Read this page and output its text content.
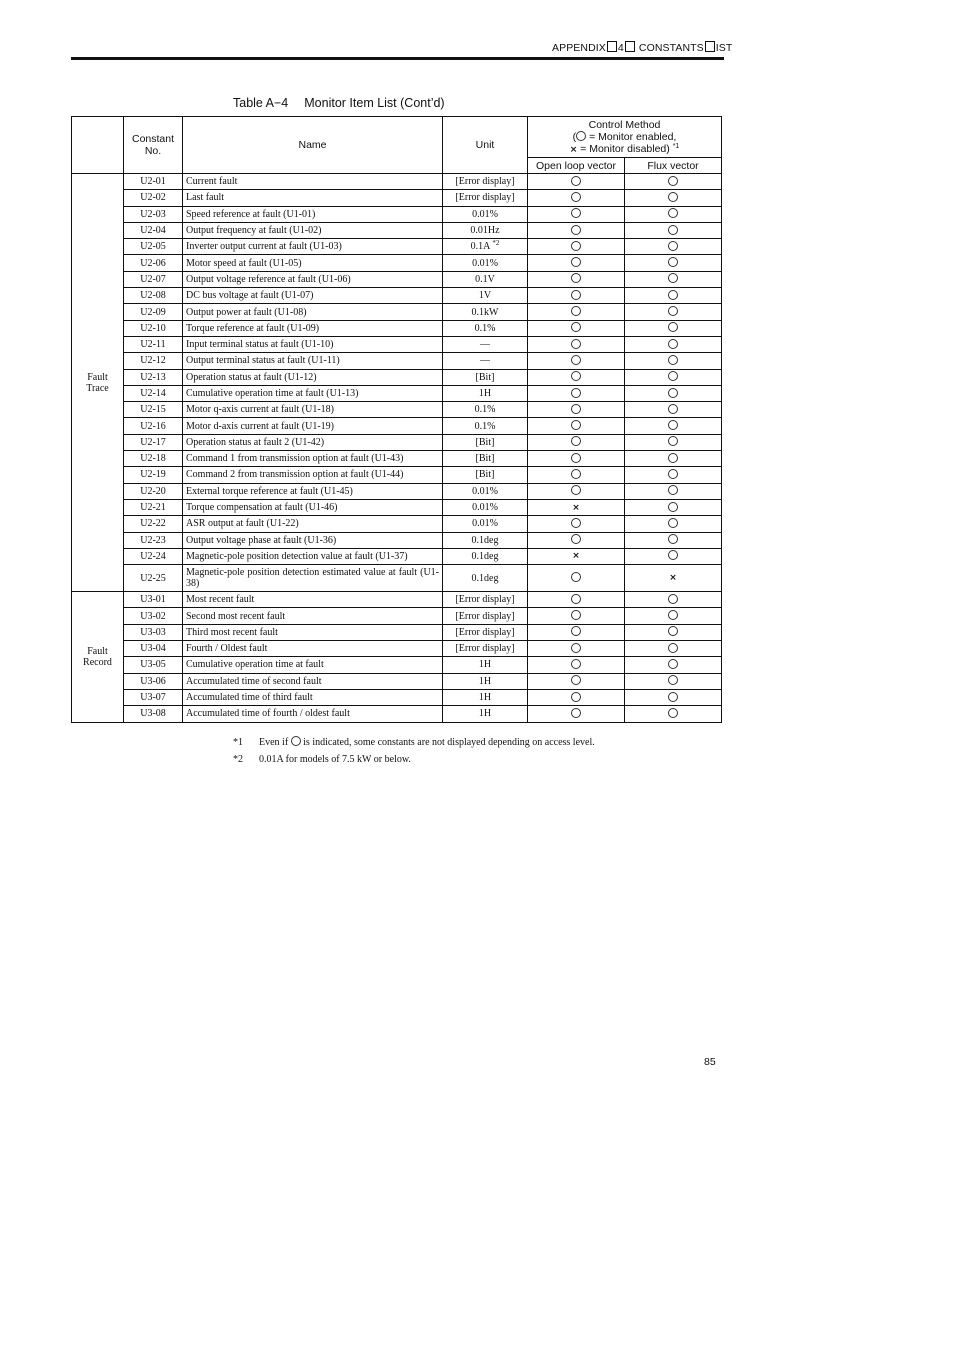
APPENDIX 4 CONSTANTS IST
Table A−4 Monitor Item List (Cont’d)
	Constant No.	Name	Unit	Control Method
( = Monitor enabled,
× = Monitor disabled) $^{*1}$

				Open loop vector	Flux vector
Fault
Trace	U2-01	Current fault	[Error display]		
	U2-02	Last fault	[Error display]		
	U2-03	Speed reference at fault (U1-01)	0.01%		
	U2-04	Output frequency at fault (U1-02)	0.01Hz		
	U2-05	Inverter output current at fault (U1-03)	0.1A $^{*2}$		
	U2-06	Motor speed at fault (U1-05)	0.01%		
	U2-07	Output voltage reference at fault (U1-06)	0.1V		
	U2-08	DC bus voltage at fault (U1-07)	1V		
	U2-09	Output power at fault (U1-08)	0.1kW		
	U2-10	Torque reference at fault (U1-09)	0.1%		
	U2-11	Input terminal status at fault (U1-10)	—		
	U2-12	Output terminal status at fault (U1-11)	—		
	U2-13	Operation status at fault (U1-12)	[Bit]		
	U2-14	Cumulative operation time at fault (U1-13)	1H		
	U2-15	Motor q-axis current at fault (U1-18)	0.1%		
	U2-16	Motor d-axis current at fault (U1-19)	0.1%		
	U2-17	Operation status at fault 2 (U1-42)	[Bit]		
	U2-18	Command 1 from transmission option at fault (U1-43)	[Bit]		
	U2-19	Command 2 from transmission option at fault (U1-44)	[Bit]		
	U2-20	External torque reference at fault (U1-45)	0.01%		
	U2-21	Torque compensation at fault (U1-46)	0.01%	×	
	U2-22	ASR output at fault (U1-22)	0.01%		
	U2-23	Output voltage phase at fault (U1-36)	0.1deg		
	U2-24	Magnetic-pole position detection value at fault (U1-37)	0.1deg	×	
	U2-25	Magnetic-pole position detection estimated value at fault (U1-38)	0.1deg		×
Fault
Record	U3-01	Most recent fault	[Error display]		
	U3-02	Second most recent fault	[Error display]		
	U3-03	Third most recent fault	[Error display]		
	U3-04	Fourth / Oldest fault	[Error display]		
	U3-05	Cumulative operation time at fault	1H		
	U3-06	Accumulated time of second fault	1H		
	U3-07	Accumulated time of third fault	1H		
	U3-08	Accumulated time of fourth / oldest fault	1H		
*1 Even if is indicated, some constants are not displayed depending on access level.
*2 0.01A for models of 7.5 kW or below.
85
